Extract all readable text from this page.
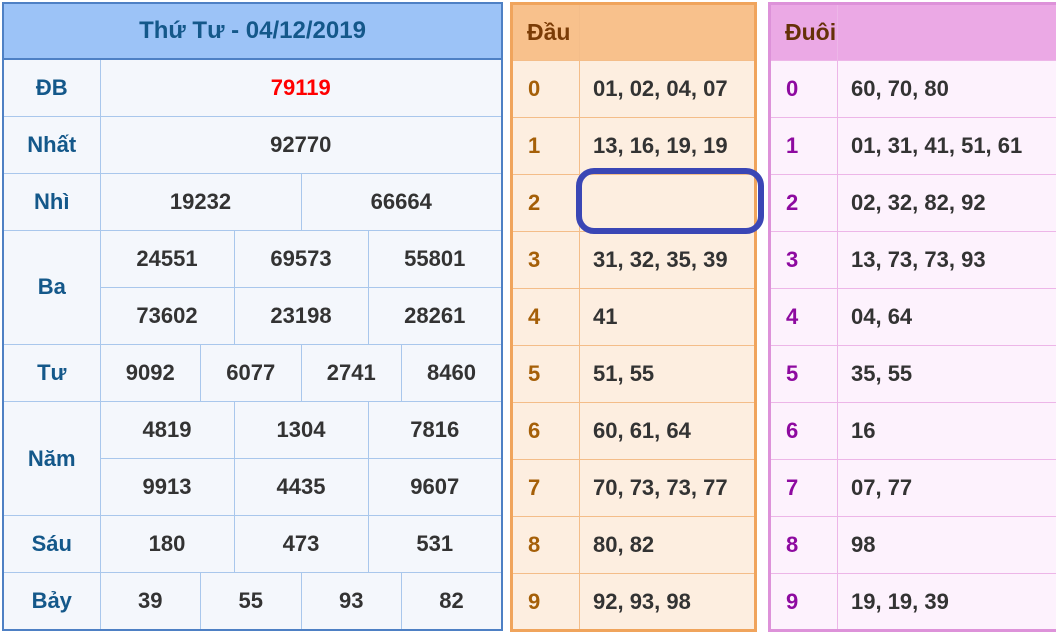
Thứ Tư - 04/12/2019						
ĐB	79119					
Nhất	92770					
Nhì	19232			66664		
Ba	24551		69573		55801	
	73602		23198		28261	
Tư	9092	6077		2741		8460
Năm	4819		1304		7816	
	9913		4435		9607	
Sáu	180		473		531	
Bảy	39	55		93		82
Đầu	
0	01, 02, 04, 07
1	13, 16, 19, 19
2	
3	31, 32, 35, 39
4	41
5	51, 55
6	60, 61, 64
7	70, 73, 73, 77
8	80, 82
9	92, 93, 98
Đuôi	
0	60, 70, 80
1	01, 31, 41, 51, 61
2	02, 32, 82, 92
3	13, 73, 73, 93
4	04, 64
5	35, 55
6	16
7	07, 77
8	98
9	19, 19, 39
